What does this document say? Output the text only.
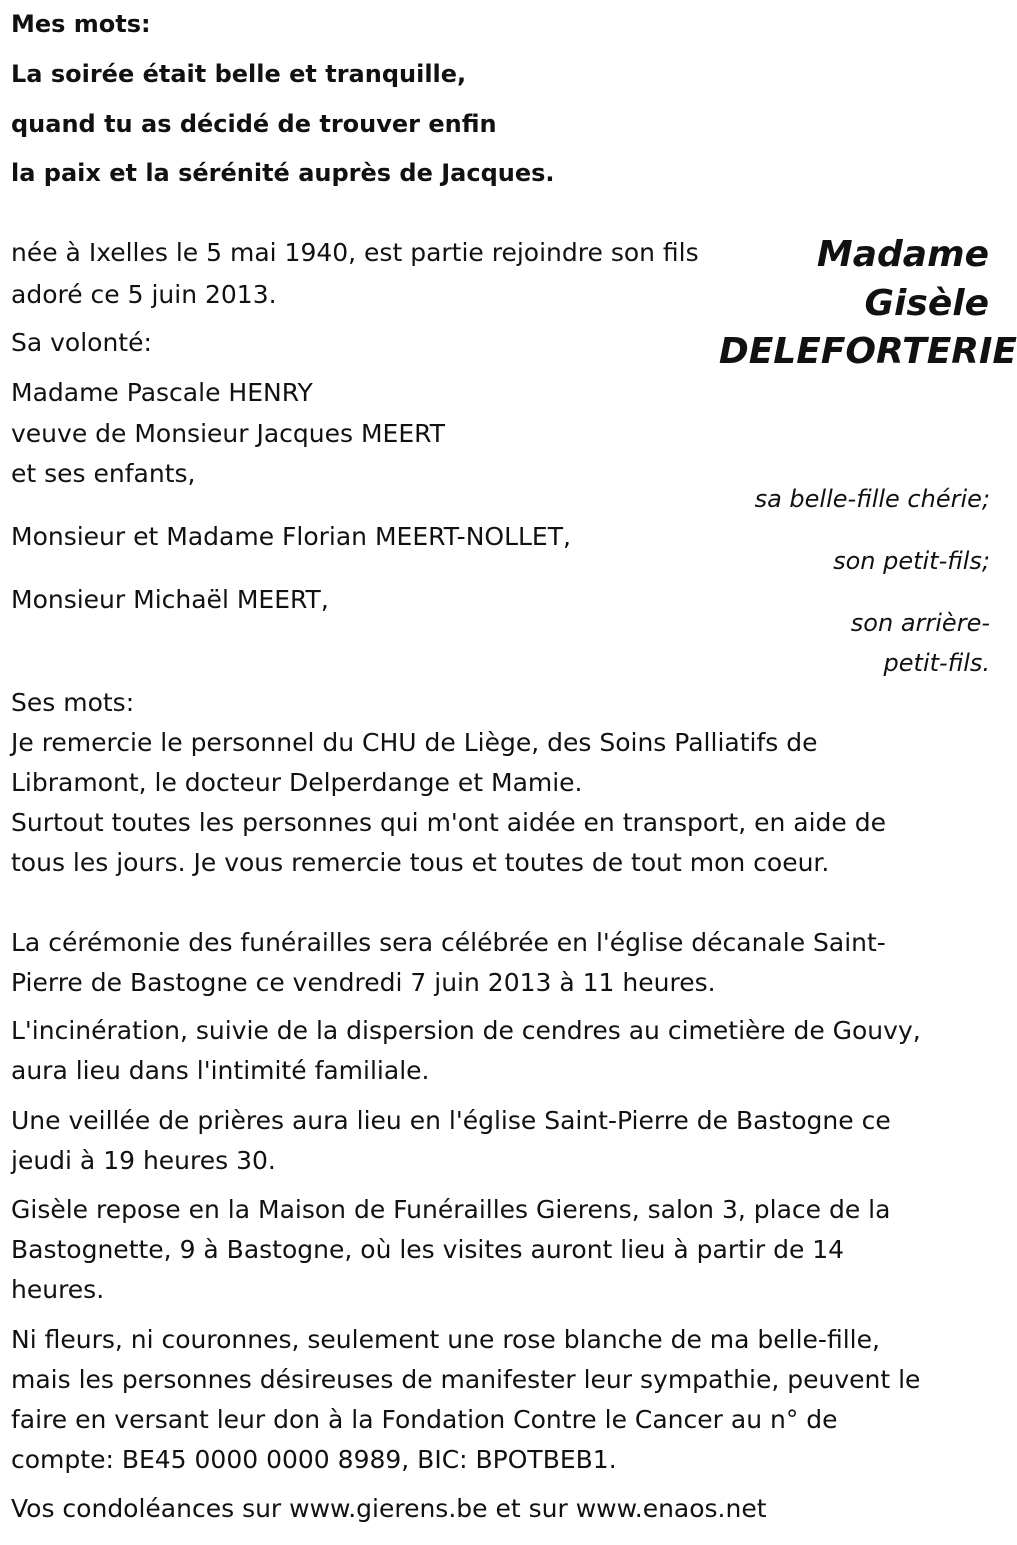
Mes mots:

La soirée était belle et tranquille,

quand tu as décidé de trouver enfin

la paix et la sérénité auprès de Jacques.

Madame

Gisèle

DELEFORTERIE

née à Ixelles le 5 mai 1940, est partie rejoindre son fils

adoré ce 5 juin 2013.

Sa volonté:

Madame Pascale HENRY

veuve de Monsieur Jacques MEERT

et ses enfants,

sa belle-fille chérie;

Monsieur et Madame Florian MEERT-NOLLET,

son petit-fils;

Monsieur Michaël MEERT,

son arrière-

petit-fils.

Ses mots:

Je remercie le personnel du CHU de Liège, des Soins Palliatifs de

Libramont, le docteur Delperdange et Mamie.

Surtout toutes les personnes qui m'ont aidée en transport, en aide de

tous les jours. Je vous remercie tous et toutes de tout mon coeur.

La cérémonie des funérailles sera célébrée en l'église décanale Saint-

Pierre de Bastogne ce vendredi 7 juin 2013 à 11 heures.

L'incinération, suivie de la dispersion de cendres au cimetière de Gouvy,

aura lieu dans l'intimité familiale.

Une veillée de prières aura lieu en l'église Saint-Pierre de Bastogne ce

jeudi à 19 heures 30.

Gisèle repose en la Maison de Funérailles Gierens, salon 3, place de la

Bastognette, 9 à Bastogne, où les visites auront lieu à partir de 14

heures.

Ni fleurs, ni couronnes, seulement une rose blanche de ma belle-fille,

mais les personnes désireuses de manifester leur sympathie, peuvent le

faire en versant leur don à la Fondation Contre le Cancer au n° de

compte: BE45 0000 0000 8989, BIC: BPOTBEB1.

Vos condoléances sur www.gierens.be et sur www.enaos.net
